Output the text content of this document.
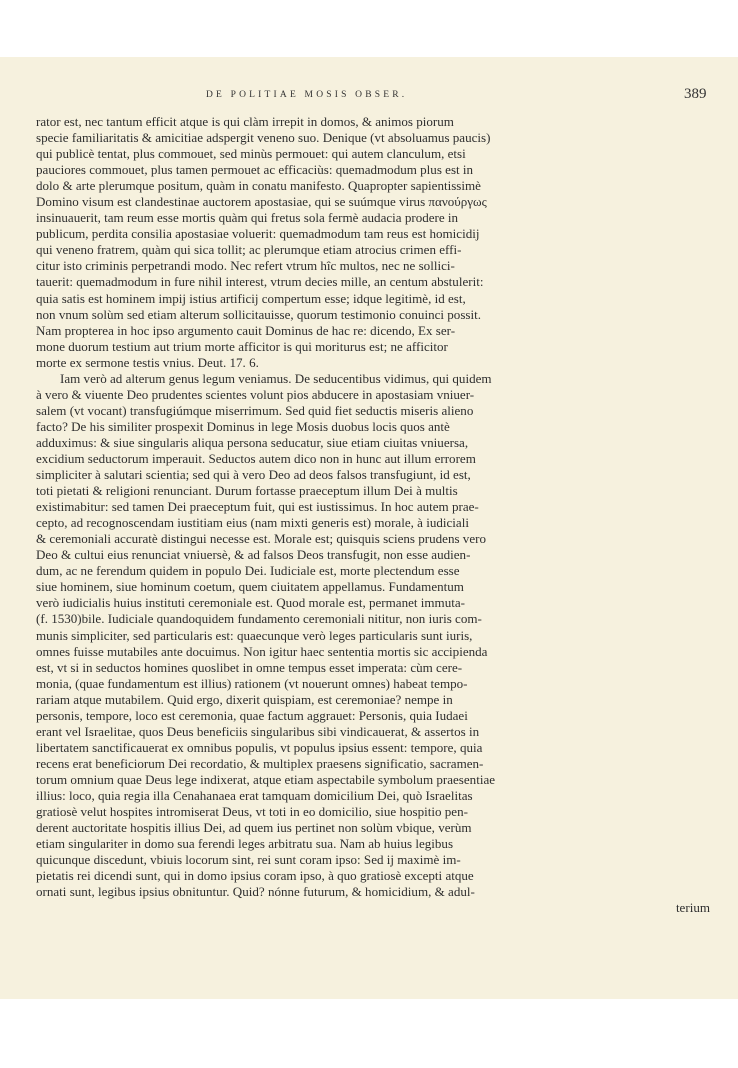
DE POLITIAE MOSIS OBSER.	389
rator est, nec tantum efficit atque is qui clàm irrepit in domos, & animos piorum
specie familiaritatis & amicitiae adspergit veneno suo. Denique (vt absoluamus paucis)
qui publicè tentat, plus commouet, sed minùs permouet: qui autem clanculum, etsi
pauciores commouet, plus tamen permouet ac efficaciùs: quemadmodum plus est in
dolo & arte plerumque positum, quàm in conatu manifesto. Quapropter sapientissimè
Domino visum est clandestinae auctorem apostasiae, qui se suúmque virus πανούργως
insinuauerit, tam reum esse mortis quàm qui fretus sola fermè audacia prodere in
publicum, perdita consilia apostasiae voluerit: quemadmodum tam reus est homicidij
qui veneno fratrem, quàm qui sica tollit; ac plerumque etiam atrocius crimen effi-
citur isto criminis perpetrandi modo. Nec refert vtrum hîc multos, nec ne sollici-
tauerit: quemadmodum in fure nihil interest, vtrum decies mille, an centum abstulerit:
quia satis est hominem impij istius artificij compertum esse; idque legitimè, id est,
non vnum solùm sed etiam alterum sollicitauisse, quorum testimonio conuinci possit.
Nam propterea in hoc ipso argumento cauit Dominus de hac re: dicendo, Ex ser-
mone duorum testium aut trium morte afficitor is qui moriturus est; ne afficitor
morte ex sermone testis vnius. Deut. 17. 6.
Iam verò ad alterum genus legum veniamus. De seducentibus vidimus, qui quidem
à vero & viuente Deo prudentes scientes volunt pios abducere in apostasiam vniuer-
salem (vt vocant) transfugiúmque miserrimum. Sed quid fiet seductis miseris alieno
facto? De his similiter prospexit Dominus in lege Mosis duobus locis quos antè
adduximus: & siue singularis aliqua persona seducatur, siue etiam ciuitas vniuersa,
excidium seductorum imperauit. Seductos autem dico non in hunc aut illum errorem
simpliciter à salutari scientia; sed qui à vero Deo ad deos falsos transfugiunt, id est,
toti pietati & religioni renunciant. Durum fortasse praeceptum illum Dei à multis
existimabitur: sed tamen Dei praeceptum fuit, qui est iustissimus. In hoc autem prae-
cepto, ad recognoscendam iustitiam eius (nam mixti generis est) morale, à iudiciali
& ceremoniali accuratè distingui necesse est. Morale est; quisquis sciens prudens vero
Deo & cultui eius renunciat vniuersè, & ad falsos Deos transfugit, non esse audien-
dum, ac ne ferendum quidem in populo Dei. Iudiciale est, morte plectendum esse
siue hominem, siue hominum coetum, quem ciuitatem appellamus. Fundamentum
verò iudicialis huius instituti ceremoniale est. Quod morale est, permanet immuta-
(f. 1530)bile. Iudiciale quandoquidem fundamento ceremoniali nititur, non iuris com-
munis simpliciter, sed particularis est: quaecunque verò leges particularis sunt iuris,
omnes fuisse mutabiles ante docuimus. Non igitur haec sententia mortis sic accipienda
est, vt si in seductos homines quoslibet in omne tempus esset imperata: cùm cere-
monia, (quae fundamentum est illius) rationem (vt nouerunt omnes) habeat tempo-
rariam atque mutabilem. Quid ergo, dixerit quispiam, est ceremoniae? nempe in
personis, tempore, loco est ceremonia, quae factum aggrauet: Personis, quia Iudaei
erant vel Israelitae, quos Deus beneficiis singularibus sibi vindicauerat, & assertos in
libertatem sanctificauerat ex omnibus populis, vt populus ipsius essent: tempore, quia
recens erat beneficiorum Dei recordatio, & multiplex praesens significatio, sacramen-
torum omnium quae Deus lege indixerat, atque etiam aspectabile symbolum praesentiae
illius: loco, quia regia illa Cenahanaea erat tamquam domicilium Dei, quò Israelitas
gratiosè velut hospites intromiserat Deus, vt toti in eo domicilio, siue hospitio pen-
derent auctoritate hospitis illius Dei, ad quem ius pertinet non solùm vbique, verùm
etiam singulariter in domo sua ferendi leges arbitratu sua. Nam ab huius legibus
quicunque discedunt, vbiuis locorum sint, rei sunt coram ipso: Sed ij maximè im-
pietatis rei dicendi sunt, qui in domo ipsius coram ipso, à quo gratiosè excepti atque
ornati sunt, legibus ipsius obnituntur. Quid? nónne futurum, & homicidium, & adul-
terium
